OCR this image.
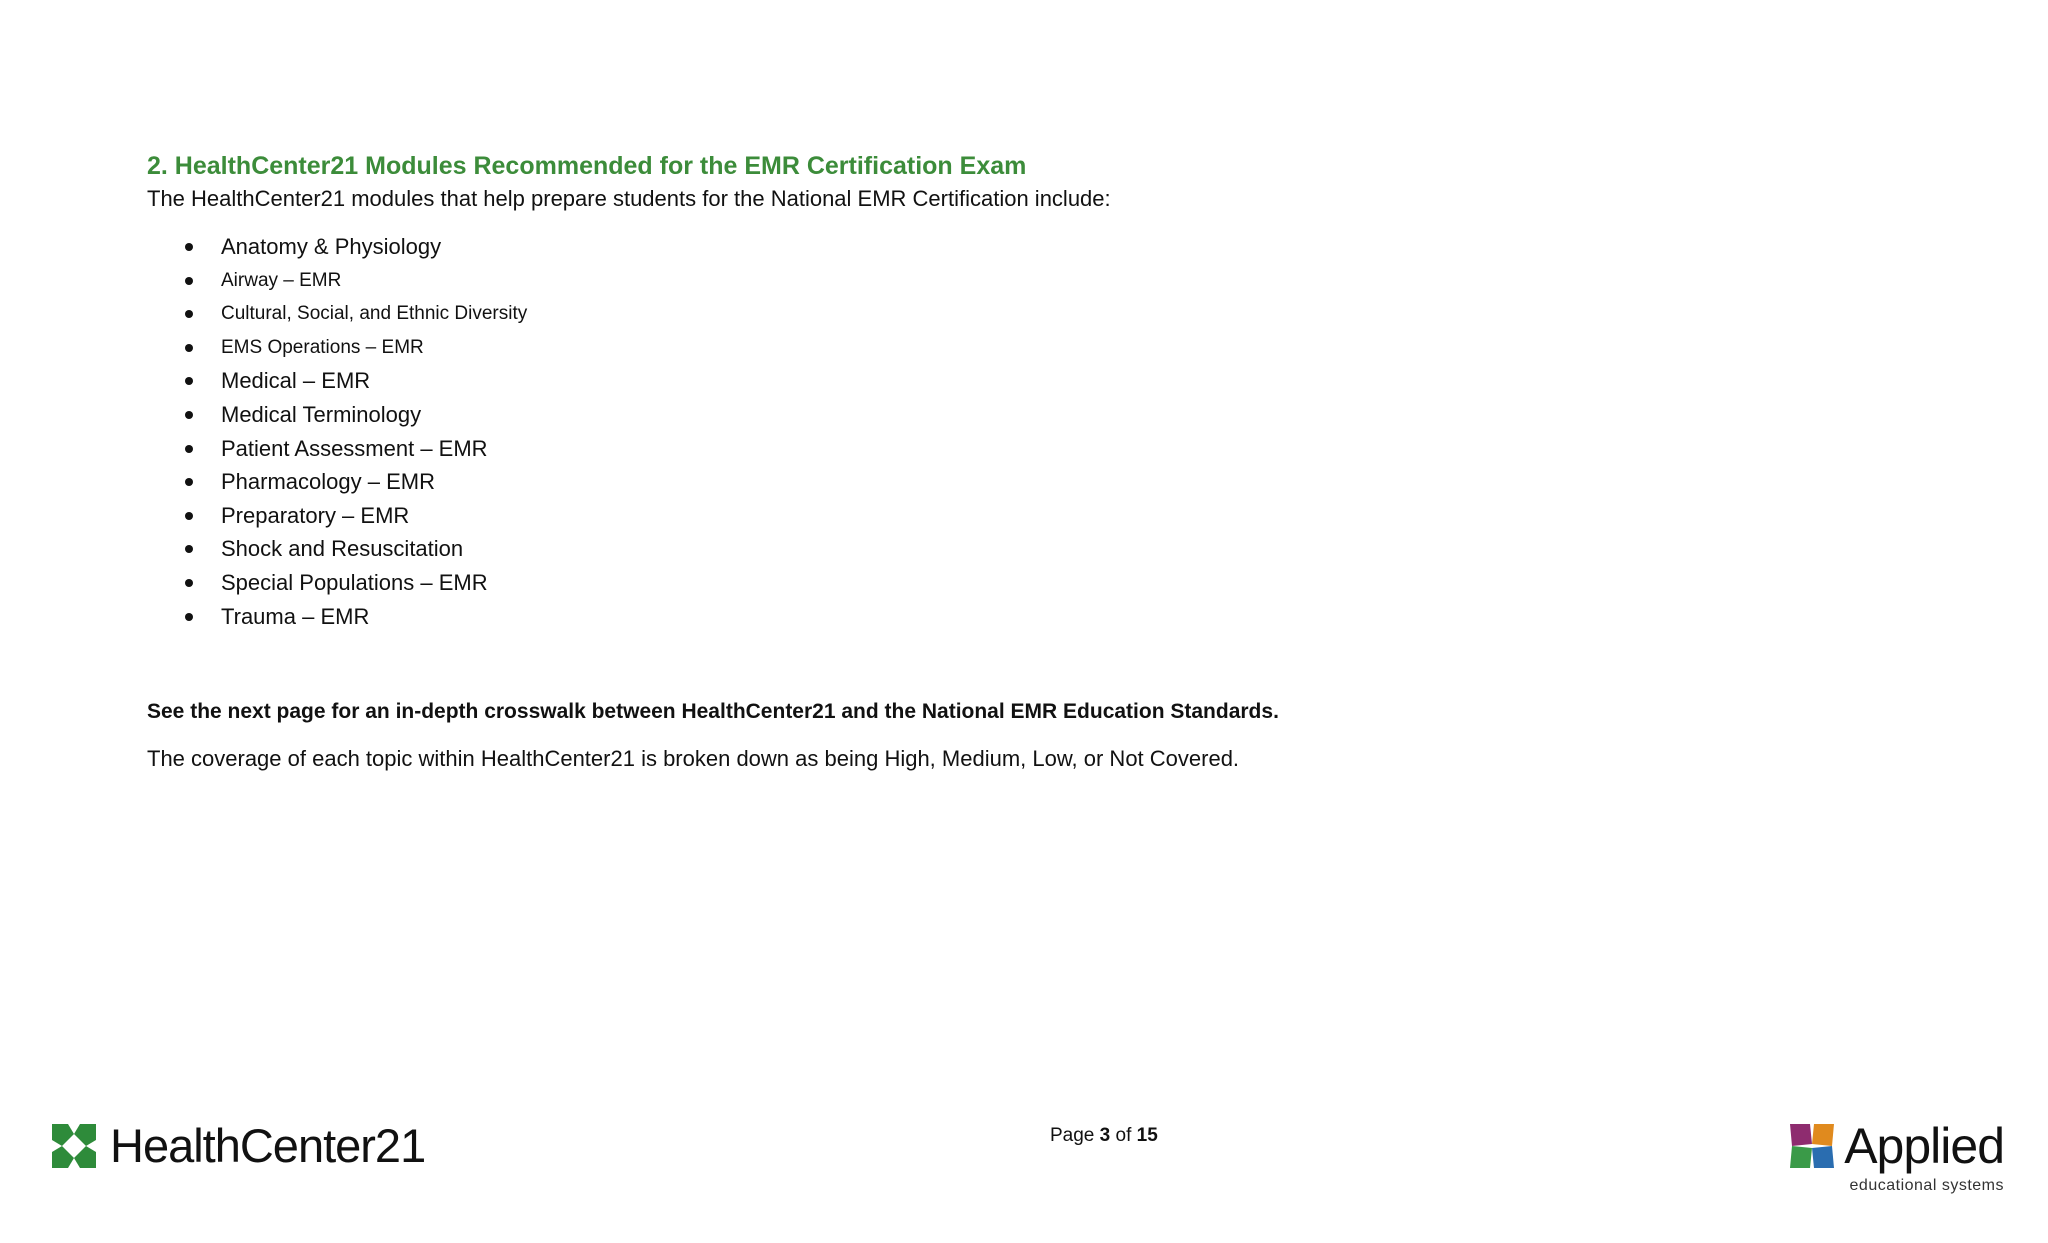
2. HealthCenter21 Modules Recommended for the EMR Certification Exam

The HealthCenter21 modules that help prepare students for the National EMR Certification include:

Anatomy & Physiology
Airway – EMR
Cultural, Social, and Ethnic Diversity
EMS Operations – EMR
Medical – EMR
Medical Terminology
Patient Assessment – EMR
Pharmacology – EMR
Preparatory – EMR
Shock and Resuscitation
Special Populations – EMR
Trauma – EMR

See the next page for an in-depth crosswalk between HealthCenter21 and the National EMR Education Standards.

The coverage of each topic within HealthCenter21 is broken down as being High, Medium, Low, or Not Covered.

HealthCenter21	Page 3 of 15	Applied
educational systems
